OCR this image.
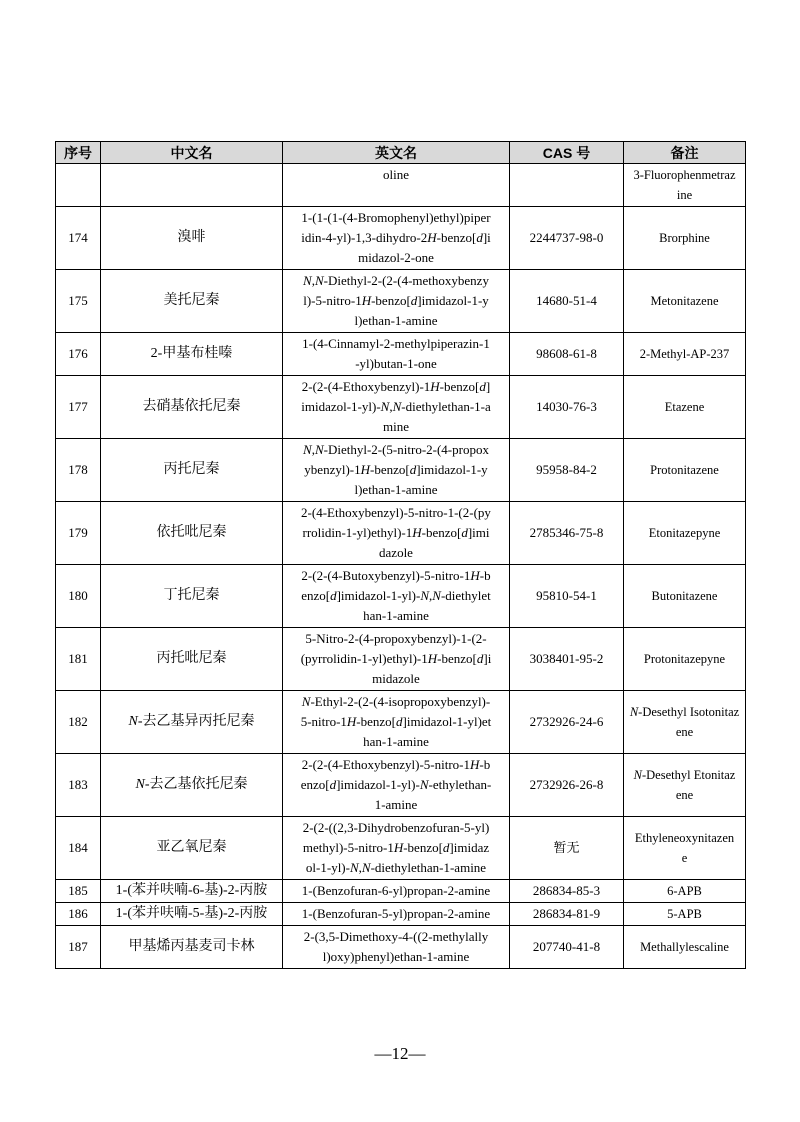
序号	中文名	英文名	CAS 号	备注
		oline		3-Fluorophenmetraz
ine
174	溴啡	1-(1-(1-(4-Bromophenyl)ethyl)piper
idin-4-yl)-1,3-dihydro-2H-benzo[d]i
midazol-2-one	2244737-98-0	Brorphine
175	美托尼秦	N,N-Diethyl-2-(2-(4-methoxybenzy
l)-5-nitro-1H-benzo[d]imidazol-1-y
l)ethan-1-amine	14680-51-4	Metonitazene
176	2-甲基布桂嗪	1-(4-Cinnamyl-2-methylpiperazin-1
-yl)butan-1-one	98608-61-8	2-Methyl-AP-237
177	去硝基依托尼秦	2-(2-(4-Ethoxybenzyl)-1H-benzo[d]
imidazol-1-yl)-N,N-diethylethan-1-a
mine	14030-76-3	Etazene
178	丙托尼秦	N,N-Diethyl-2-(5-nitro-2-(4-propox
ybenzyl)-1H-benzo[d]imidazol-1-y
l)ethan-1-amine	95958-84-2	Protonitazene
179	依托吡尼秦	2-(4-Ethoxybenzyl)-5-nitro-1-(2-(py
rrolidin-1-yl)ethyl)-1H-benzo[d]imi
dazole	2785346-75-8	Etonitazepyne
180	丁托尼秦	2-(2-(4-Butoxybenzyl)-5-nitro-1H-b
enzo[d]imidazol-1-yl)-N,N-diethylet
han-1-amine	95810-54-1	Butonitazene
181	丙托吡尼秦	5-Nitro-2-(4-propoxybenzyl)-1-(2-
(pyrrolidin-1-yl)ethyl)-1H-benzo[d]i
midazole	3038401-95-2	Protonitazepyne
182	N-去乙基异丙托尼秦	N-Ethyl-2-(2-(4-isopropoxybenzyl)-
5-nitro-1H-benzo[d]imidazol-1-yl)et
han-1-amine	2732926-24-6	N-Desethyl Isotonitaz
ene
183	N-去乙基依托尼秦	2-(2-(4-Ethoxybenzyl)-5-nitro-1H-b
enzo[d]imidazol-1-yl)-N-ethylethan-
1-amine	2732926-26-8	N-Desethyl Etonitaz
ene
184	亚乙氧尼秦	2-(2-((2,3-Dihydrobenzofuran-5-yl)
methyl)-5-nitro-1H-benzo[d]imidaz
ol-1-yl)-N,N-diethylethan-1-amine	暂无	Ethyleneoxynitazen
e
185	1-(苯并呋喃-6-基)-2-丙胺	1-(Benzofuran-6-yl)propan-2-amine	286834-85-3	6-APB
186	1-(苯并呋喃-5-基)-2-丙胺	1-(Benzofuran-5-yl)propan-2-amine	286834-81-9	5-APB
187	甲基烯丙基麦司卡林	2-(3,5-Dimethoxy-4-((2-methylally
l)oxy)phenyl)ethan-1-amine	207740-41-8	Methallylescaline
—12—
